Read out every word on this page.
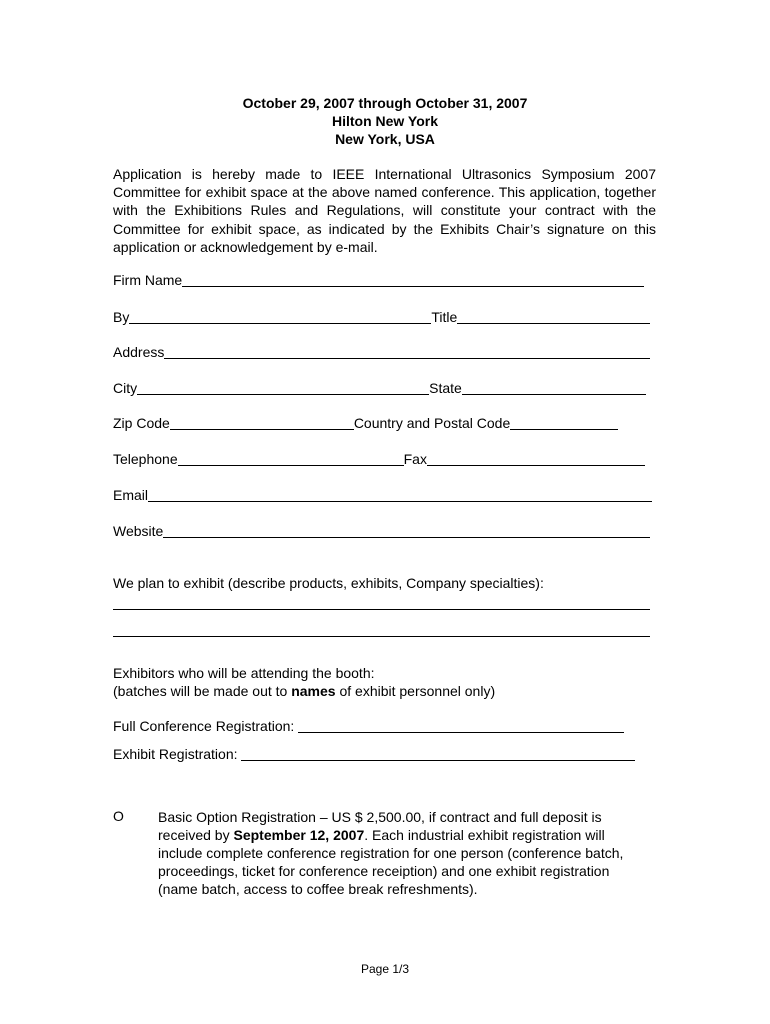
October 29, 2007 through October 31, 2007
Hilton New York
New York, USA
Application is hereby made to IEEE International Ultrasonics Symposium 2007 Committee for exhibit space at the above named conference. This application, together with the Exhibitions Rules and Regulations, will constitute your contract with the Committee for exhibit space, as indicated by the Exhibits Chair’s signature on this application or acknowledgement by e-mail.
Firm Name
By	Title
Address
City	State
Zip Code	Country and Postal Code
Telephone	Fax
Email
Website
We plan to exhibit (describe products, exhibits, Company specialties):
Exhibitors who will be attending the booth:
(batches will be made out to names of exhibit personnel only)
Full Conference Registration:
Exhibit Registration:
O Basic Option Registration – US $ 2,500.00, if contract and full deposit is received by September 12, 2007. Each industrial exhibit registration will include complete conference registration for one person (conference batch, proceedings, ticket for conference receiption) and one exhibit registration (name batch, access to coffee break refreshments).
Page 1/3
